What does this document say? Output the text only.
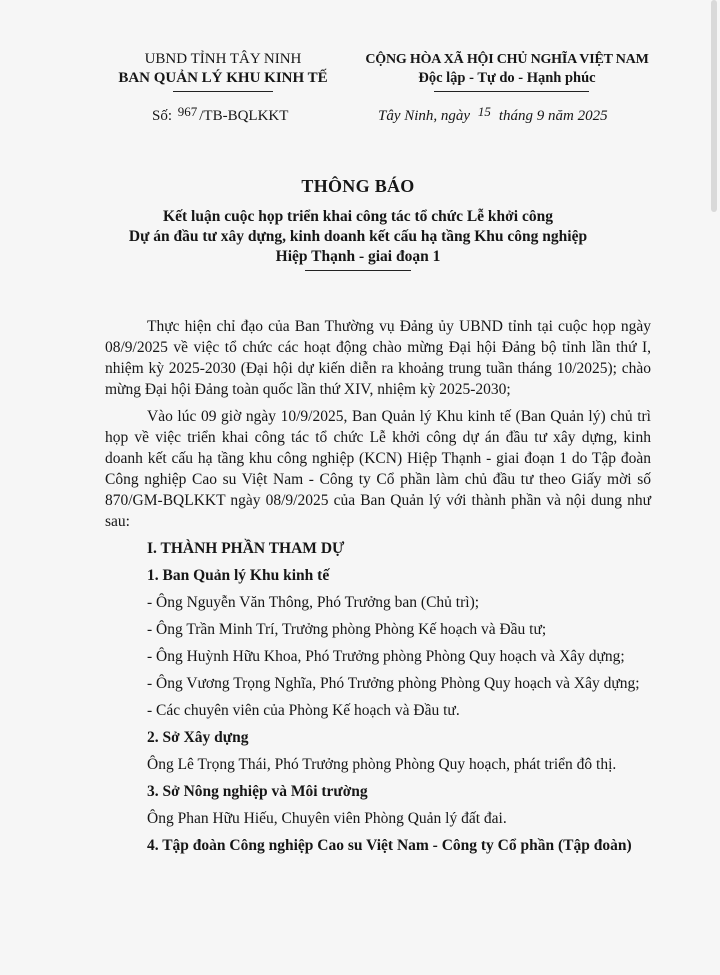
UBND TỈNH TÂY NINH
BAN QUẢN LÝ KHU KINH TẾ
CỘNG HÒA XÃ HỘI CHỦ NGHĨA VIỆT NAM
Độc lập - Tự do - Hạnh phúc
Số: 967 /TB-BQLKKT	Tây Ninh, ngày 15 tháng 9 năm 2025
THÔNG BÁO
Kết luận cuộc họp triển khai công tác tổ chức Lễ khởi công
Dự án đầu tư xây dựng, kinh doanh kết cấu hạ tầng Khu công nghiệp
Hiệp Thạnh - giai đoạn 1

Thực hiện chỉ đạo của Ban Thường vụ Đảng ủy UBND tỉnh tại cuộc họp ngày 08/9/2025 về việc tổ chức các hoạt động chào mừng Đại hội Đảng bộ tỉnh lần thứ I, nhiệm kỳ 2025-2030 (Đại hội dự kiến diễn ra khoảng trung tuần tháng 10/2025); chào mừng Đại hội Đảng toàn quốc lần thứ XIV, nhiệm kỳ 2025-2030;

Vào lúc 09 giờ ngày 10/9/2025, Ban Quản lý Khu kinh tế (Ban Quản lý) chủ trì họp về việc triển khai công tác tổ chức Lễ khởi công dự án đầu tư xây dựng, kinh doanh kết cấu hạ tầng khu công nghiệp (KCN) Hiệp Thạnh - giai đoạn 1 do Tập đoàn Công nghiệp Cao su Việt Nam - Công ty Cổ phần làm chủ đầu tư theo Giấy mời số 870/GM-BQLKKT ngày 08/9/2025 của Ban Quản lý với thành phần và nội dung như sau:

I. THÀNH PHẦN THAM DỰ

1. Ban Quản lý Khu kinh tế

- Ông Nguyễn Văn Thông, Phó Trưởng ban (Chủ trì);

- Ông Trần Minh Trí, Trưởng phòng Phòng Kế hoạch và Đầu tư;

- Ông Huỳnh Hữu Khoa, Phó Trưởng phòng Phòng Quy hoạch và Xây dựng;

- Ông Vương Trọng Nghĩa, Phó Trưởng phòng Phòng Quy hoạch và Xây dựng;

- Các chuyên viên của Phòng Kế hoạch và Đầu tư.

2. Sở Xây dựng

Ông Lê Trọng Thái, Phó Trưởng phòng Phòng Quy hoạch, phát triển đô thị.

3. Sở Nông nghiệp và Môi trường

Ông Phan Hữu Hiếu, Chuyên viên Phòng Quản lý đất đai.

4. Tập đoàn Công nghiệp Cao su Việt Nam - Công ty Cổ phần (Tập đoàn)
